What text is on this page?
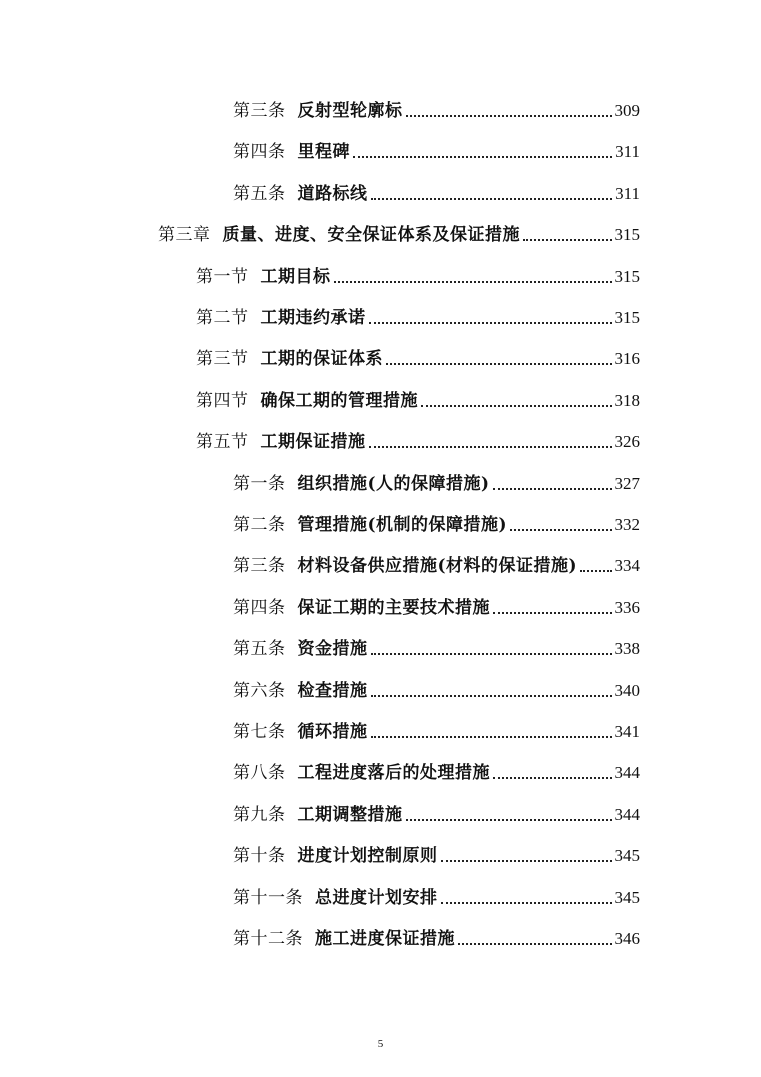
第三条 反射型轮廓标	309
第四条 里程碑	311
第五条 道路标线	311
第三章 质量、进度、安全保证体系及保证措施	315
第一节 工期目标	315
第二节 工期违约承诺	315
第三节 工期的保证体系	316
第四节 确保工期的管理措施	318
第五节 工期保证措施	326
第一条 组织措施(人的保障措施)	327
第二条 管理措施(机制的保障措施)	332
第三条 材料设备供应措施(材料的保证措施) 334
第四条 保证工期的主要技术措施	336
第五条 资金措施	338
第六条 检查措施	340
第七条 循环措施	341
第八条 工程进度落后的处理措施	344
第九条 工期调整措施	344
第十条 进度计划控制原则	345
第十一条 总进度计划安排	345
第十二条 施工进度保证措施	346
5
